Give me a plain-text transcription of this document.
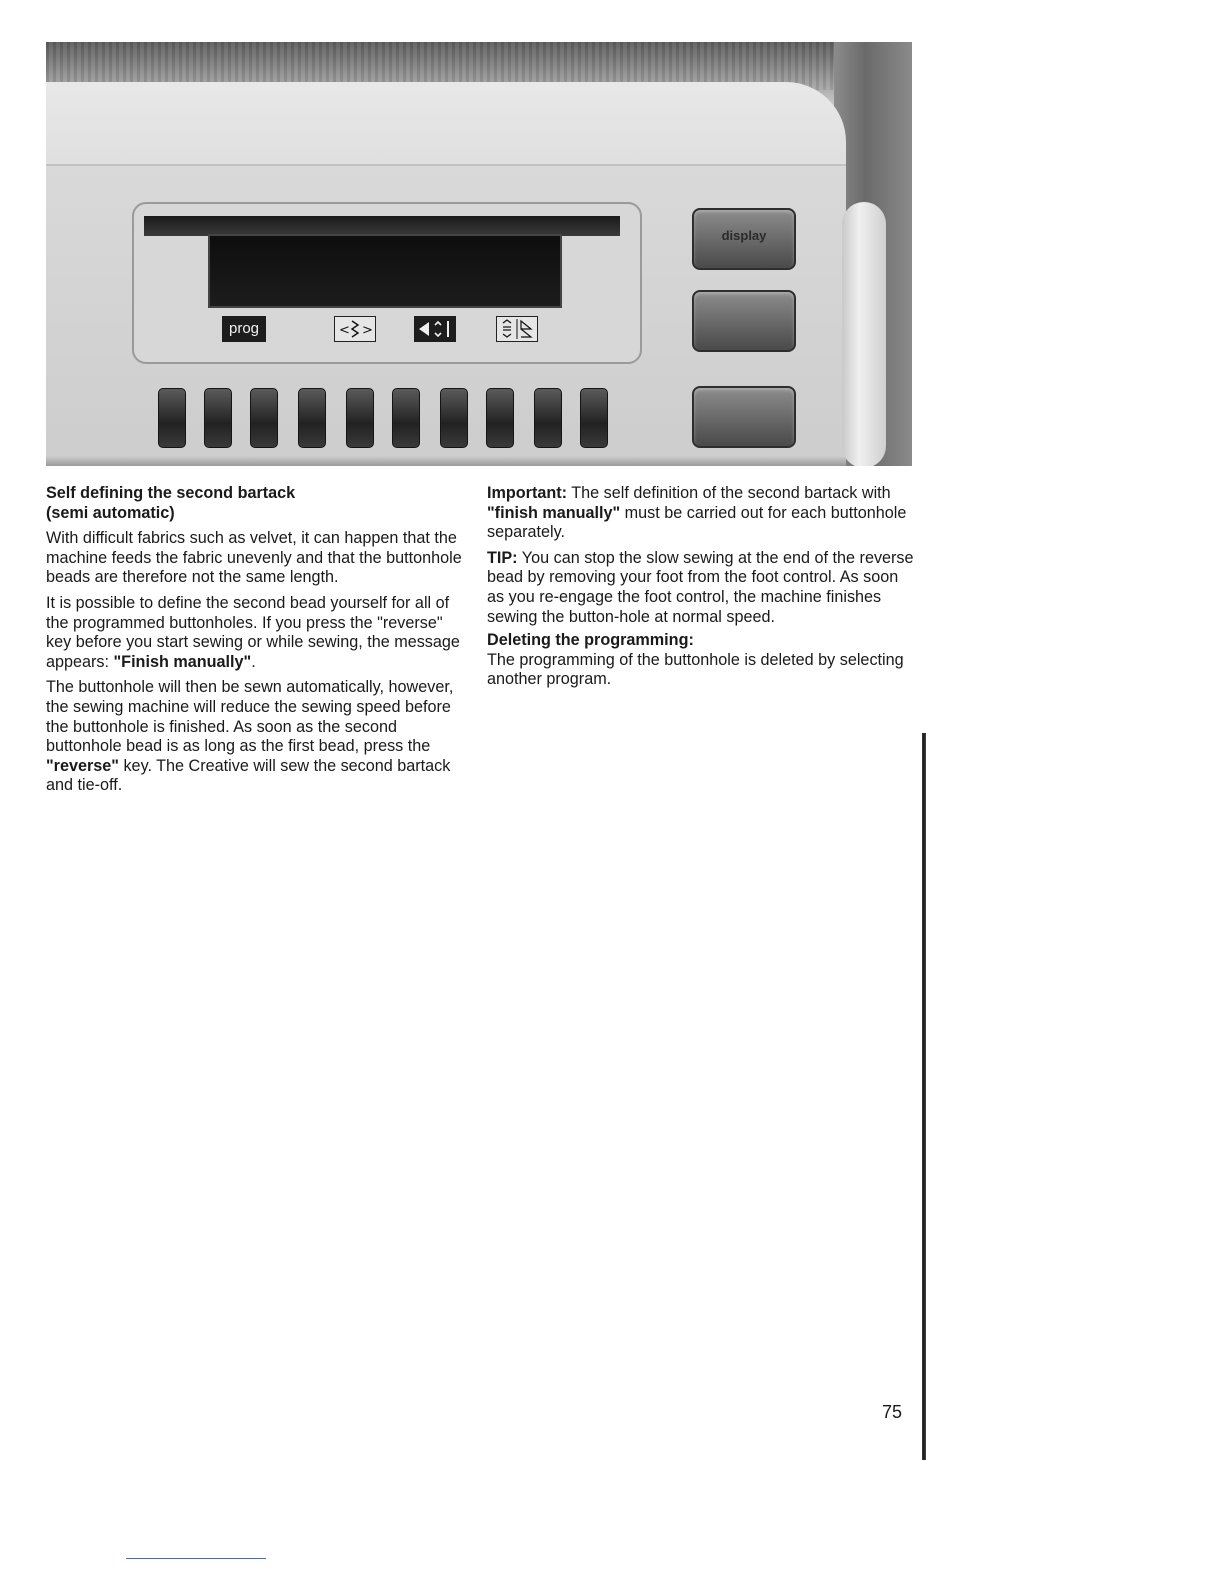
prog	< >
display
Self defining the second bartack
(semi automatic)

With difficult fabrics such as velvet, it can happen that the machine feeds the fabric unevenly and that the buttonhole beads are therefore not the same length.

It is possible to define the second bead yourself for all of the programmed buttonholes. If you press the "reverse" key before you start sewing or while sewing, the message appears: "Finish manually".

The buttonhole will then be sewn automatically, however, the sewing machine will reduce the sewing speed before the buttonhole is finished. As soon as the second buttonhole bead is as long as the first bead, press the "reverse" key. The Creative will sew the second bartack and tie-off.

Important: The self definition of the second bartack with "finish manually" must be carried out for each buttonhole separately.

TIP: You can stop the slow sewing at the end of the reverse bead by removing your foot from the foot control. As soon as you re-engage the foot control, the machine finishes sewing the button-hole at normal speed.

Deleting the programming:

The programming of the buttonhole is deleted by selecting another program.

75
